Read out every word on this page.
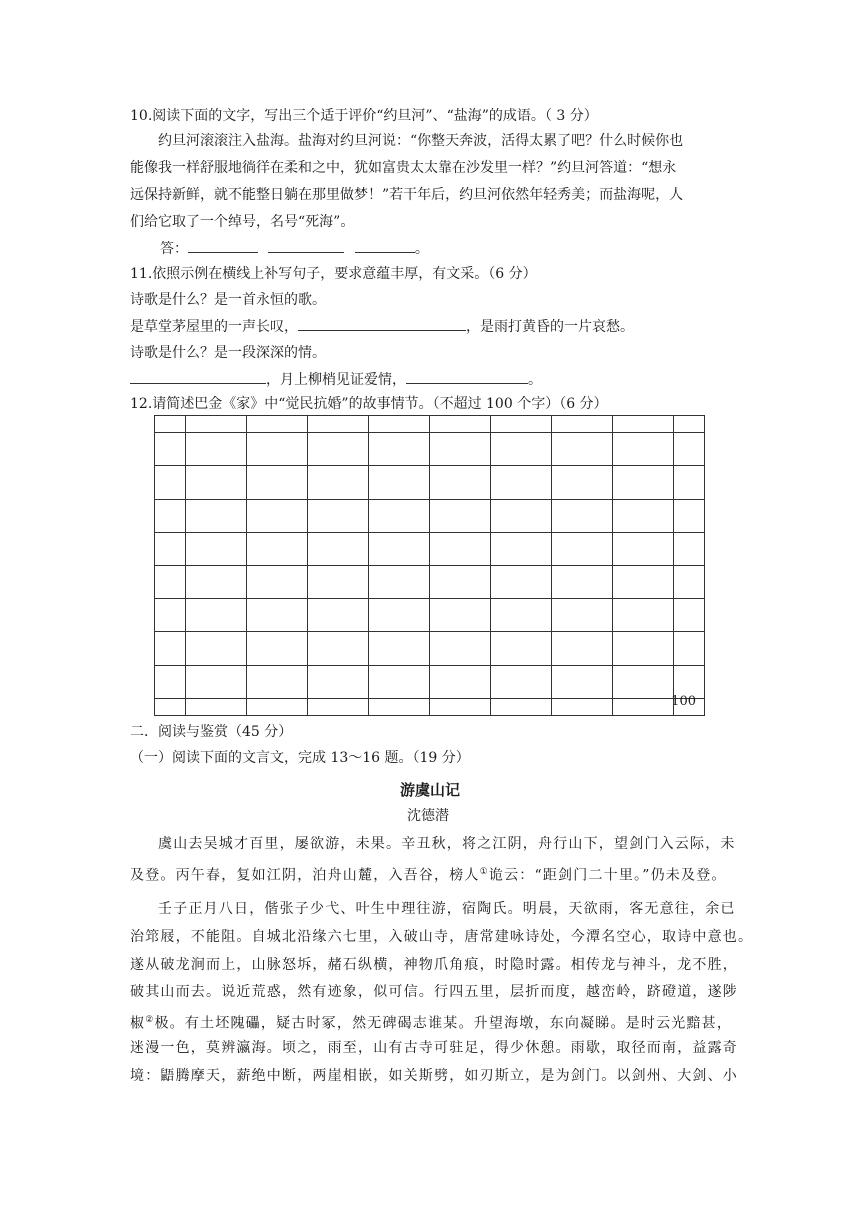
10.阅读下面的文字，写出三个适于评价“约旦河”、“盐海”的成语。（ 3 分）
约旦河滚滚注入盐海。盐海对约旦河说：“你整天奔波，活得太累了吧？什么时候你也
能像我一样舒服地徜徉在柔和之中，犹如富贵太太靠在沙发里一样？”约旦河答道：“想永
远保持新鲜，就不能整日躺在那里做梦！”若干年后，约旦河依然年轻秀美；而盐海呢，人
们给它取了一个绰号，名号“死海”。
答：	。
11.依照示例在横线上补写句子，要求意蕴丰厚，有文采。（6 分）
诗歌是什么？是一首永恒的歌。
是草堂茅屋里的一声长叹，	，是雨打黄昏的一片哀愁。
诗歌是什么？是一段深深的情。
，月上柳梢见证爱情，	。
12.请简述巴金《家》中“觉民抗婚”的故事情节。（不超过 100 个字）（6 分）

									100
二．阅读与鉴赏（45 分）
（一）阅读下面的文言文，完成 13～16 题。（19 分）
游虞山记
沈德潜
虞山去吴城才百里，屡欲游，未果。辛丑秋，将之江阴，舟行山下，望剑门入云际，未
及登。丙午春，复如江阴，泊舟山麓，入吾谷，榜人①诡云：“距剑门二十里。”仍未及登。
壬子正月八日，偕张子少弋、叶生中理往游，宿陶氏。明晨，天欲雨，客无意往，余已
治筇屐，不能阻。自城北沿缘六七里，入破山寺，唐常建咏诗处，今潭名空心，取诗中意也。
遂从破龙涧而上，山脉怒坼，赭石纵横，神物爪角痕，时隐时露。相传龙与神斗，龙不胜，
破其山而去。说近荒惑，然有迹象，似可信。行四五里，层折而度，越峦岭，跻磴道，遂陟
椒②极。有土坯隗礧，疑古时冢，然无碑碣志谁某。升望海墩，东向凝睇。是时云光黯甚，
迷漫一色，莫辨瀛海。顷之，雨至，山有古寺可驻足，得少休憩。雨歇，取径而南，益露奇
境：鼯腾摩天，薪绝中断，两崖相嵌，如关斯劈，如刃斯立，是为剑门。以剑州、大剑、小
